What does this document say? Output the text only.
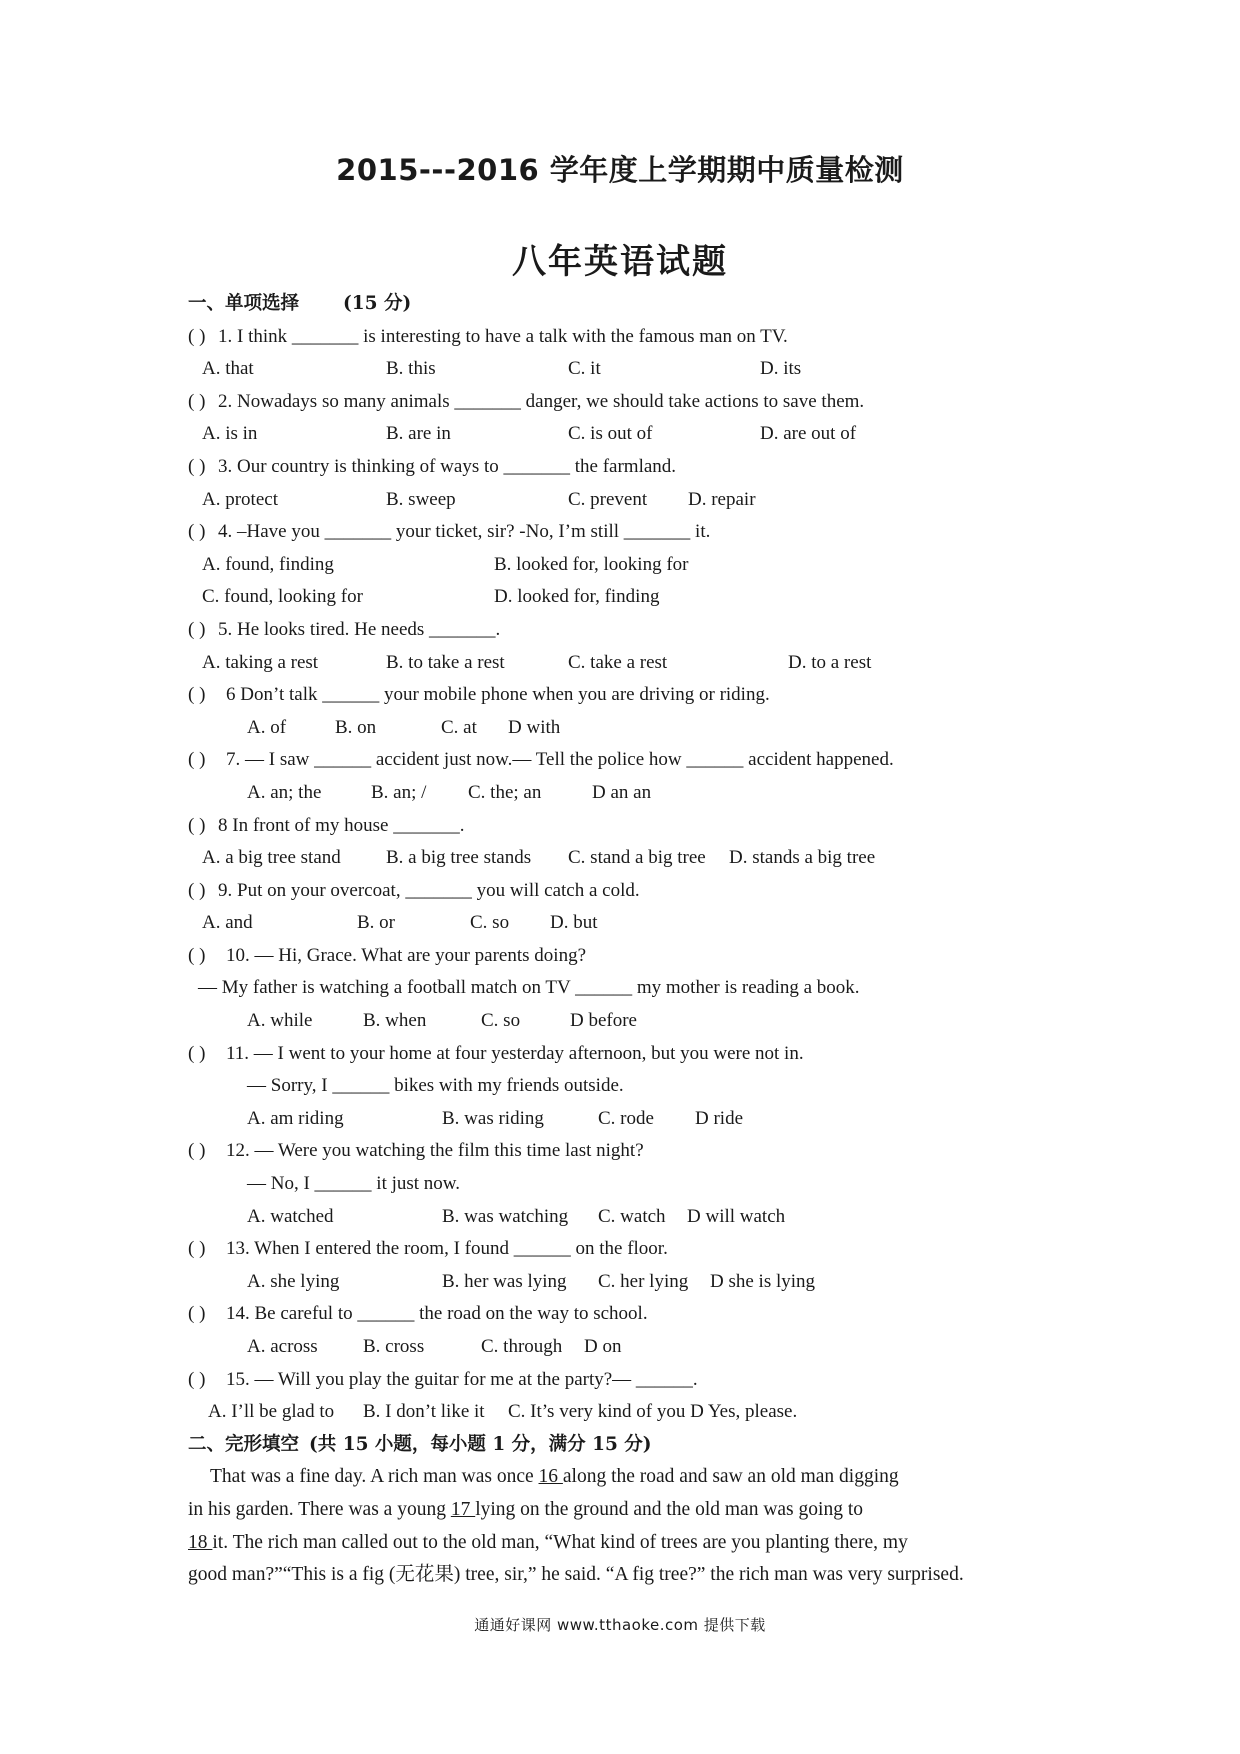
2015---2016 学年度上学期期中质量检测
八年英语试题
一、单项选择 (15 分)
( ) 1. I think _______ is interesting to have a talk with the famous man on TV.
A. that	B. this	C. it	D. its
( ) 2. Nowadays so many animals _______ danger, we should take actions to save them.
A. is in	B. are in	C. is out of	D. are out of
( ) 3. Our country is thinking of ways to _______ the farmland.
A. protect	B. sweep	C. prevent D. repair
( ) 4. –Have you _______ your ticket, sir? -No, I’m still _______ it.
A. found, finding	B. looked for, looking for
C. found, looking for	D. looked for, finding
( ) 5. He looks tired. He needs _______.
A. taking a rest	B. to take a rest	C. take a rest	D. to a rest
( ) 6 Don’t talk ______ your mobile phone when you are driving or riding.
A. of	B. on	C. at D with
( ) 7. — I saw ______ accident just now.— Tell the police how ______ accident happened.
A. an; the	B. an; / C. the; an	D an an
( ) 8 In front of my house _______.
A. a big tree stand B. a big tree stands C. stand a big tree D. stands a big tree
( ) 9. Put on your overcoat, _______ you will catch a cold.
A. and	B. or	C. so D. but
( ) 10. — Hi, Grace. What are your parents doing?
— My father is watching a football match on TV ______ my mother is reading a book.
A. while	B. when	C. so	D before
( ) 11. — I went to your home at four yesterday afternoon, but you were not in.
— Sorry, I ______ bikes with my friends outside.
A. am riding	B. was riding	C. rode D ride
( ) 12. — Were you watching the film this time last night?
— No, I ______ it just now.
A. watched	B. was watching C. watch D will watch
( ) 13. When I entered the room, I found ______ on the floor.
A. she lying	B. her was lying C. her lying D she is lying
( ) 14. Be careful to ______ the road on the way to school.
A. across B. cross	C. through D on
( ) 15. — Will you play the guitar for me at the party?— ______.
A. I’ll be glad to B. I don’t like it C. It’s very kind of you D Yes, please.
二、完形填空 (共 15 小题，每小题 1 分，满分 15 分)
That was a fine day. A rich man was once 16 along the road and saw an old man digging
in his garden. There was a young 17 lying on the ground and the old man was going to
18 it. The rich man called out to the old man, “What kind of trees are you planting there, my
good man?”“This is a fig (无花果) tree, sir,” he said. “A fig tree?” the rich man was very surprised.
通通好课网 www.tthaoke.com 提供下载
